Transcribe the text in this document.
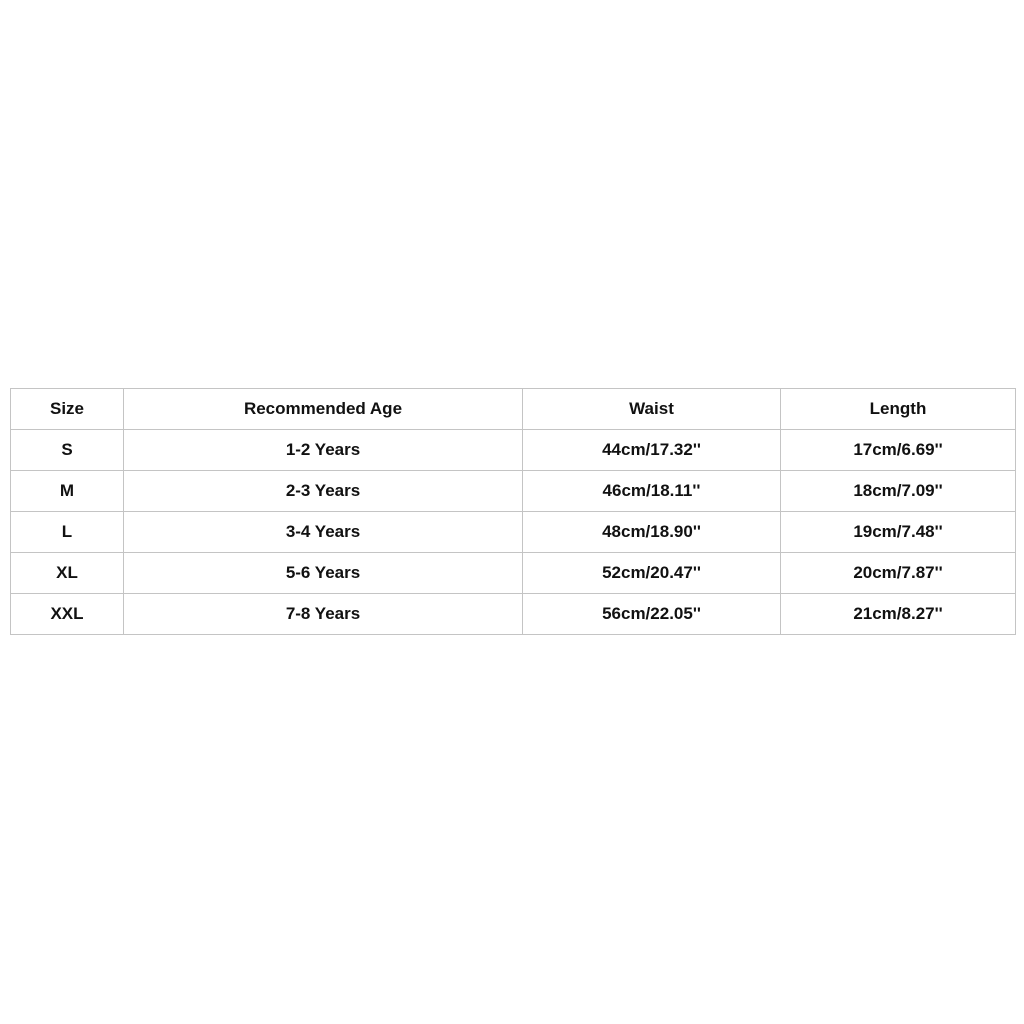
Size	Recommended Age	Waist	Length
S	1-2 Years	44cm/17.32''	17cm/6.69''
M	2-3 Years	46cm/18.11''	18cm/7.09''
L	3-4 Years	48cm/18.90''	19cm/7.48''
XL	5-6 Years	52cm/20.47''	20cm/7.87''
XXL	7-8 Years	56cm/22.05''	21cm/8.27''
